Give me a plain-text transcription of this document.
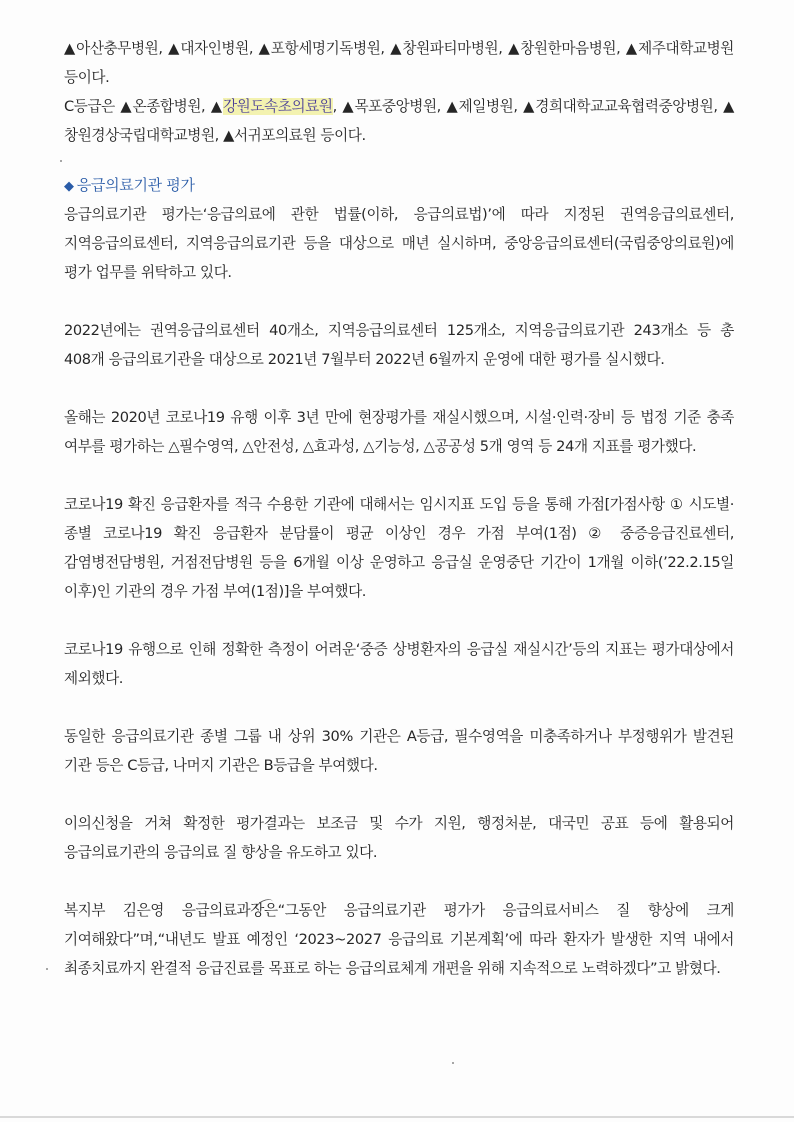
▲아산충무병원, ▲대자인병원, ▲포항세명기독병원, ▲창원파티마병원, ▲창원한마음병원, ▲제주대학교병원 등이다.

C등급은 ▲온종합병원, ▲강원도속초의료원, ▲목포중앙병원, ▲제일병원, ▲경희대학교교육협력중앙병원, ▲창원경상국립대학교병원, ▲서귀포의료원 등이다.

◆ 응급의료기관 평가

응급의료기관 평가는‘응급의료에 관한 법률(이하, 응급의료법)’에 따라 지정된 권역응급의료센터, 지역응급의료센터, 지역응급의료기관 등을 대상으로 매년 실시하며, 중앙응급의료센터(국립중앙의료원)에 평가 업무를 위탁하고 있다.

2022년에는 권역응급의료센터 40개소, 지역응급의료센터 125개소, 지역응급의료기관 243개소 등 총 408개 응급의료기관을 대상으로 2021년 7월부터 2022년 6월까지 운영에 대한 평가를 실시했다.

올해는 2020년 코로나19 유행 이후 3년 만에 현장평가를 재실시했으며, 시설·인력·장비 등 법정 기준 충족 여부를 평가하는 △필수영역, △안전성, △효과성, △기능성, △공공성 5개 영역 등 24개 지표를 평가했다.

코로나19 확진 응급환자를 적극 수용한 기관에 대해서는 임시지표 도입 등을 통해 가점[가점사항 ① 시도별·종별 코로나19 확진 응급환자 분담률이 평균 이상인 경우 가점 부여(1점) ② 중증응급진료센터, 감염병전담병원, 거점전담병원 등을 6개월 이상 운영하고 응급실 운영중단 기간이 1개월 이하(’22.2.15일 이후)인 기관의 경우 가점 부여(1점)]을 부여했다.

코로나19 유행으로 인해 정확한 측정이 어려운‘중증 상병환자의 응급실 재실시간’등의 지표는 평가대상에서 제외했다.

동일한 응급의료기관 종별 그룹 내 상위 30% 기관은 A등급, 필수영역을 미충족하거나 부정행위가 발견된 기관 등은 C등급, 나머지 기관은 B등급을 부여했다.

이의신청을 거쳐 확정한 평가결과는 보조금 및 수가 지원, 행정처분, 대국민 공표 등에 활용되어 응급의료기관의 응급의료 질 향상을 유도하고 있다.

복지부 김은영 응급의료과장은“그동안 응급의료기관 평가가 응급의료서비스 질 향상에 크게 기여해왔다”며,“내년도 발표 예정인 ‘2023~2027 응급의료 기본계획’에 따라 환자가 발생한 지역 내에서 최종치료까지 완결적 응급진료를 목표로 하는 응급의료체계 개편을 위해 지속적으로 노력하겠다”고 밝혔다.
